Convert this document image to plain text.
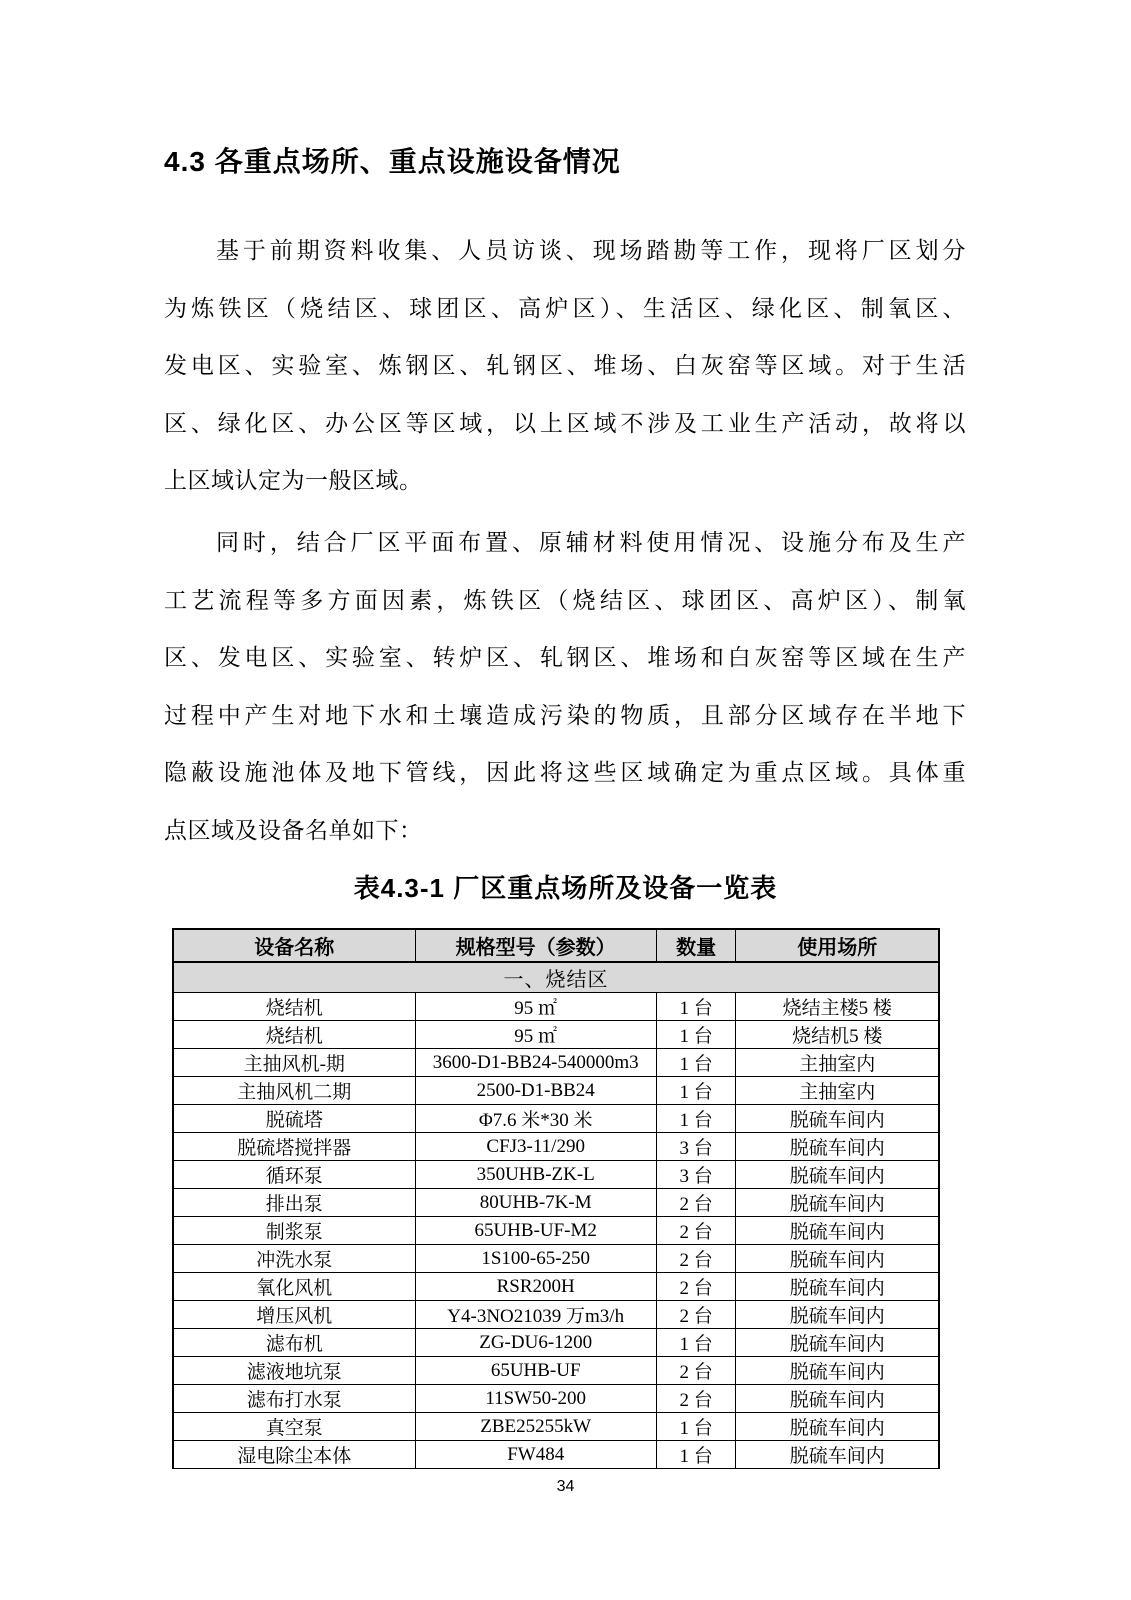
4.3 各重点场所、重点设施设备情况
基于前期资料收集、人员访谈、现场踏勘等工作，现将厂区划分
为炼铁区（烧结区、球团区、高炉区）、生活区、绿化区、制氧区、
发电区、实验室、炼钢区、轧钢区、堆场、白灰窑等区域。对于生活
区、绿化区、办公区等区域，以上区域不涉及工业生产活动，故将以
上区域认定为一般区域。
同时，结合厂区平面布置、原辅材料使用情况、设施分布及生产
工艺流程等多方面因素，炼铁区（烧结区、球团区、高炉区）、制氧
区、发电区、实验室、转炉区、轧钢区、堆场和白灰窑等区域在生产
过程中产生对地下水和土壤造成污染的物质，且部分区域存在半地下
隐蔽设施池体及地下管线，因此将这些区域确定为重点区域。具体重
点区域及设备名单如下：
表4.3-1 厂区重点场所及设备一览表
设备名称	规格型号（参数）	数量	使用场所
一、烧结区			
烧结机	95 ㎡	1 台	烧结主楼5 楼
烧结机	95 ㎡	1 台	烧结机5 楼
主抽风机-期	3600-D1-BB24-540000m3	1 台	主抽室内
主抽风机二期	2500-D1-BB24	1 台	主抽室内
脱硫塔	Φ7.6 米*30 米	1 台	脱硫车间内
脱硫塔搅拌器	CFJ3-11/290	3 台	脱硫车间内
循环泵	350UHB-ZK-L	3 台	脱硫车间内
排出泵	80UHB-7K-M	2 台	脱硫车间内
制浆泵	65UHB-UF-M2	2 台	脱硫车间内
冲洗水泵	1S100-65-250	2 台	脱硫车间内
氧化风机	RSR200H	2 台	脱硫车间内
增压风机	Y4-3NO21039 万m3/h	2 台	脱硫车间内
滤布机	ZG-DU6-1200	1 台	脱硫车间内
滤液地坑泵	65UHB-UF	2 台	脱硫车间内
滤布打水泵	11SW50-200	2 台	脱硫车间内
真空泵	ZBE25255kW	1 台	脱硫车间内
湿电除尘本体	FW484	1 台	脱硫车间内
34
